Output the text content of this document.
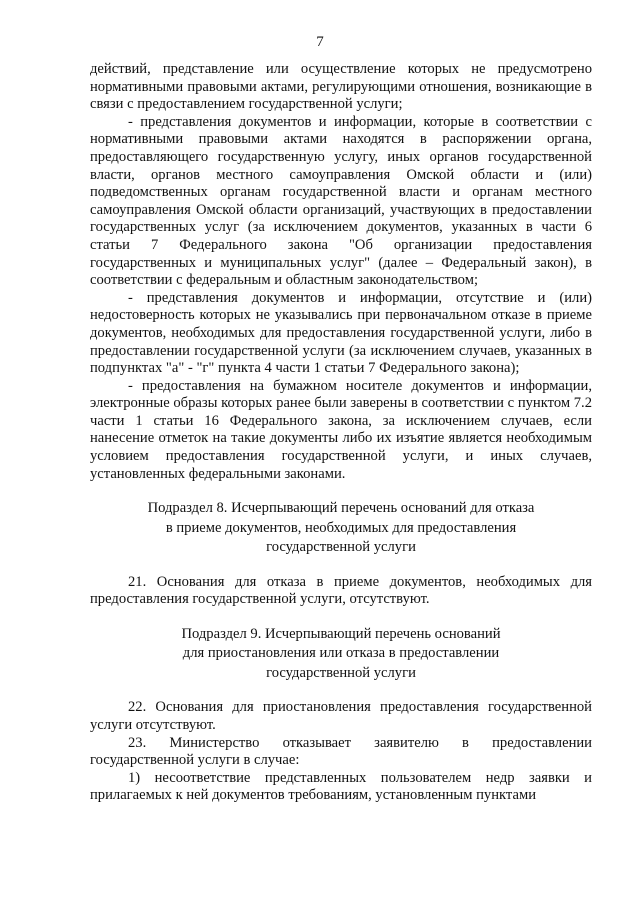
7

действий, представление или осуществление которых не предусмотрено нормативными правовыми актами, регулирующими отношения, возникающие в связи с предоставлением государственной услуги;

- представления документов и информации, которые в соответствии с нормативными правовыми актами находятся в распоряжении органа, предоставляющего государственную услугу, иных органов государственной власти, органов местного самоуправления Омской области и (или) подведомственных органам государственной власти и органам местного самоуправления Омской области организаций, участвующих в предоставлении государственных услуг (за исключением документов, указанных в части 6 статьи 7 Федерального закона "Об организации предоставления государственных и муниципальных услуг" (далее – Федеральный закон), в соответствии с федеральным и областным законодательством;

- представления документов и информации, отсутствие и (или) недостоверность которых не указывались при первоначальном отказе в приеме документов, необходимых для предоставления государственной услуги, либо в предоставлении государственной услуги (за исключением случаев, указанных в подпунктах "а" - "г" пункта 4 части 1 статьи 7 Федерального закона);

- предоставления на бумажном носителе документов и информации, электронные образы которых ранее были заверены в соответствии с пунктом 7.2 части 1 статьи 16 Федерального закона, за исключением случаев, если нанесение отметок на такие документы либо их изъятие является необходимым условием предоставления государственной услуги, и иных случаев, установленных федеральными законами.

Подраздел 8. Исчерпывающий перечень оснований для отказа

в приеме документов, необходимых для предоставления

государственной услуги

21. Основания для отказа в приеме документов, необходимых для предоставления государственной услуги, отсутствуют.

Подраздел 9. Исчерпывающий перечень оснований

для приостановления или отказа в предоставлении

государственной услуги

22. Основания для приостановления предоставления государственной услуги отсутствуют.

23. Министерство отказывает заявителю в предоставлении государственной услуги в случае:

1) несоответствие представленных пользователем недр заявки и прилагаемых к ней документов требованиям, установленным пунктами
